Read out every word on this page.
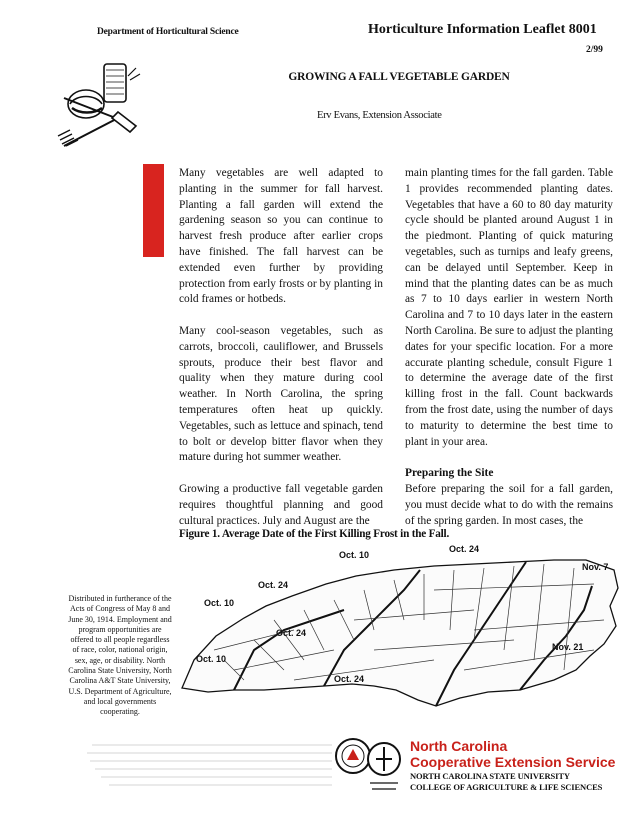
Department of Horticultural Science	Horticulture Information Leaflet 8001
2/99
GROWING A FALL VEGETABLE GARDEN
Erv Evans, Extension Associate

Many vegetables are well adapted to planting in the summer for fall harvest. Planting a fall garden will extend the gardening season so you can continue to harvest fresh produce after earlier crops have finished. The fall harvest can be extended even further by providing protection from early frosts or by planting in cold frames or hotbeds.

Many cool-season vegetables, such as carrots, broccoli, cauliflower, and Brussels sprouts, produce their best flavor and quality when they mature during cool weather. In North Carolina, the spring temperatures often heat up quickly. Vegetables, such as lettuce and spinach, tend to bolt or develop bitter flavor when they mature during hot summer weather.

Growing a productive fall vegetable garden requires thoughtful planning and good cultural practices. July and August are the

main planting times for the fall garden. Table 1 provides recommended planting dates. Vegetables that have a 60 to 80 day maturity cycle should be planted around August 1 in the piedmont. Planting of quick maturing vegetables, such as turnips and leafy greens, can be delayed until September. Keep in mind that the planting dates can be as much as 7 to 10 days earlier in western North Carolina and 7 to 10 days later in the eastern North Carolina. Be sure to adjust the planting dates for your specific location. For a more accurate planting schedule, consult Figure 1 to determine the average date of the first killing frost in the fall. Count backwards from the frost date, using the number of days to maturity to determine the best time to plant in your area.

Preparing the Site

Before preparing the soil for a fall garden, you must decide what to do with the remains of the spring garden. In most cases, the

Figure 1. Average Date of the First Killing Frost in the Fall.
Oct. 10
Oct. 24
Nov. 7
Oct. 24
Oct. 10
Oct. 24
Oct. 10
Oct. 24
Nov. 21
Distributed in furtherance of the Acts of Congress of May 8 and June 30, 1914. Employment and program opportunities are offered to all people regardless of race, color, national origin, sex, age, or disability. North Carolina State University, North Carolina A&T State University, U.S. Department of Agriculture, and local governments cooperating.
North Carolina
Cooperative Extension Service
NORTH CAROLINA STATE UNIVERSITY
COLLEGE OF AGRICULTURE & LIFE SCIENCES
